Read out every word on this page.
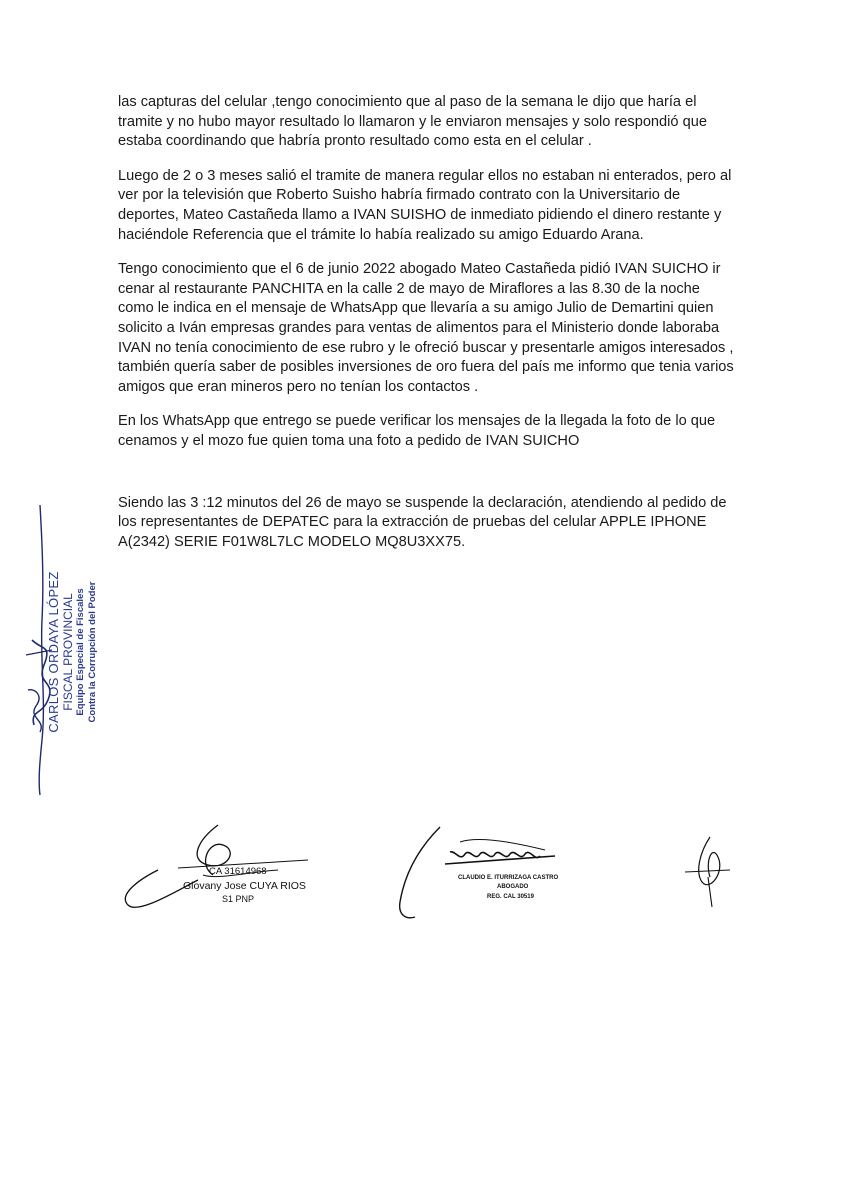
las capturas del celular ,tengo conocimiento que al paso de la semana le dijo que haría el tramite y no hubo mayor resultado lo llamaron y le enviaron mensajes y solo respondió que estaba coordinando que habría pronto resultado como esta en el celular .

Luego de 2 o 3 meses salió el tramite de manera regular ellos no estaban ni enterados, pero al ver por la televisión que Roberto Suisho habría firmado contrato con la Universitario de deportes, Mateo Castañeda llamo a IVAN SUISHO de inmediato pidiendo el dinero restante y haciéndole Referencia que el trámite lo había realizado su amigo Eduardo Arana.

Tengo conocimiento que el 6 de junio 2022 abogado Mateo Castañeda pidió IVAN SUICHO ir cenar al restaurante PANCHITA en la calle 2 de mayo de Miraflores a las 8.30 de la noche como le indica en el mensaje de WhatsApp que llevaría a su amigo Julio de Demartini quien solicito a Iván empresas grandes para ventas de alimentos para el Ministerio donde laboraba IVAN no tenía conocimiento de ese rubro y le ofreció buscar y presentarle amigos interesados , también quería saber de posibles inversiones de oro fuera del país me informo que tenia varios amigos que eran mineros pero no tenían los contactos .

En los WhatsApp que entrego se puede verificar los mensajes de la llegada la foto de lo que cenamos y el mozo fue quien toma una foto a pedido de IVAN SUICHO

Siendo las 3 :12 minutos del 26 de mayo se suspende la declaración, atendiendo al pedido de los representantes de DEPATEC para la extracción de pruebas del celular APPLE IPHONE A(2342) SERIE F01W8L7LC MODELO MQ8U3XX75.

CARLOS ORDAYA LÓPEZ FISCAL PROVINCIAL Equipo Especial de Fiscales Contra la Corrupción del Poder
CA 31614968
Giovany Jose CUYA RIOS
S1 PNP
CLAUDIO E. ITURRIZAGA CASTRO
ABOGADO
REG. CAL 30519
